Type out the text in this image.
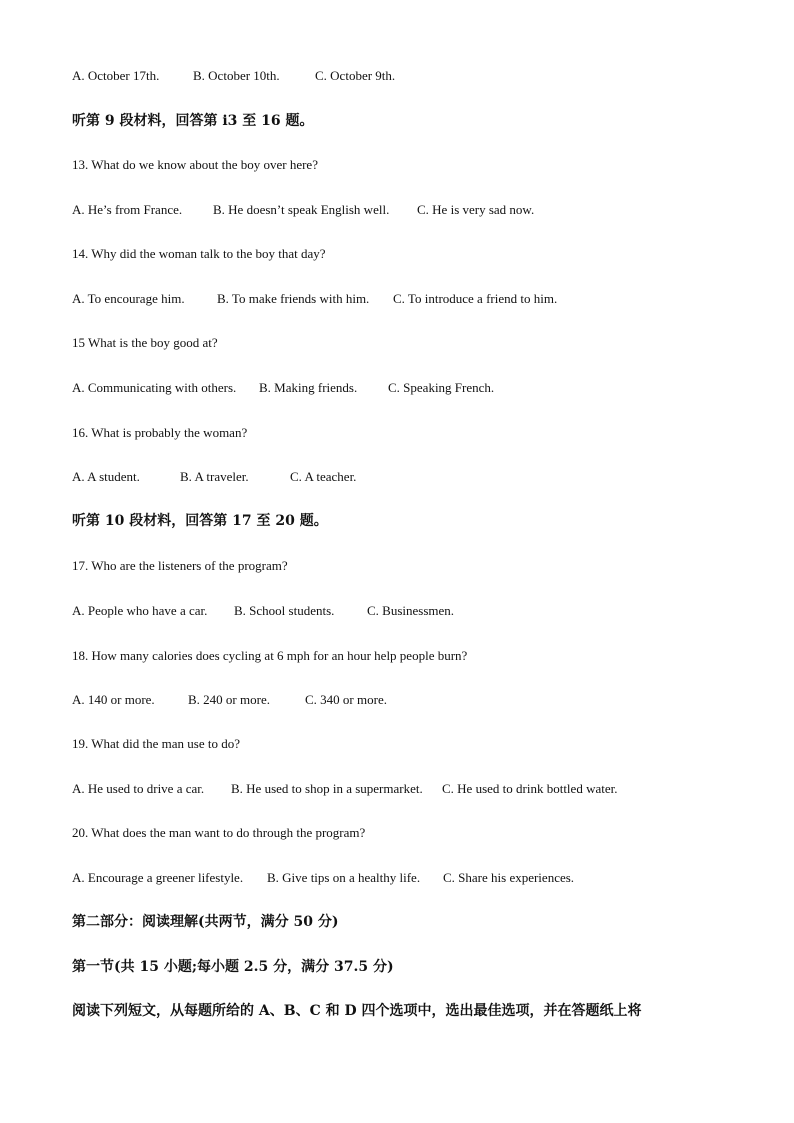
A. October 17th.	B. October 10th.	C. October 9th.
听第 9 段材料，回答第 i3 至 16 题。
13. What do we know about the boy over here?
A. He’s from France. B. He doesn’t speak English well. C. He is very sad now.
14. Why did the woman talk to the boy that day?
A. To encourage him. B. To make friends with him. C. To introduce a friend to him.
15 What is the boy good at?
A. Communicating with others. B. Making friends. C. Speaking French.
16. What is probably the woman?
A. A student.	B. A traveler.	C. A teacher.
听第 10 段材料，回答第 17 至 20 题。
17. Who are the listeners of the program?
A. People who have a car. B. School students.	C. Businessmen.
18. How many calories does cycling at 6 mph for an hour help people burn?
A. 140 or more.	B. 240 or more.	C. 340 or more.
19. What did the man use to do?
A. He used to drive a car. B. He used to shop in a supermarket. C. He used to drink bottled water.
20. What does the man want to do through the program?
A. Encourage a greener lifestyle. B. Give tips on a healthy life. C. Share his experiences.
第二部分：阅读理解(共两节，满分 50 分)
第一节(共 15 小题;每小题 2.5 分，满分 37.5 分)
阅读下列短文，从每题所给的 A、B、C 和 D 四个选项中，选出最佳选项，并在答题纸上将
